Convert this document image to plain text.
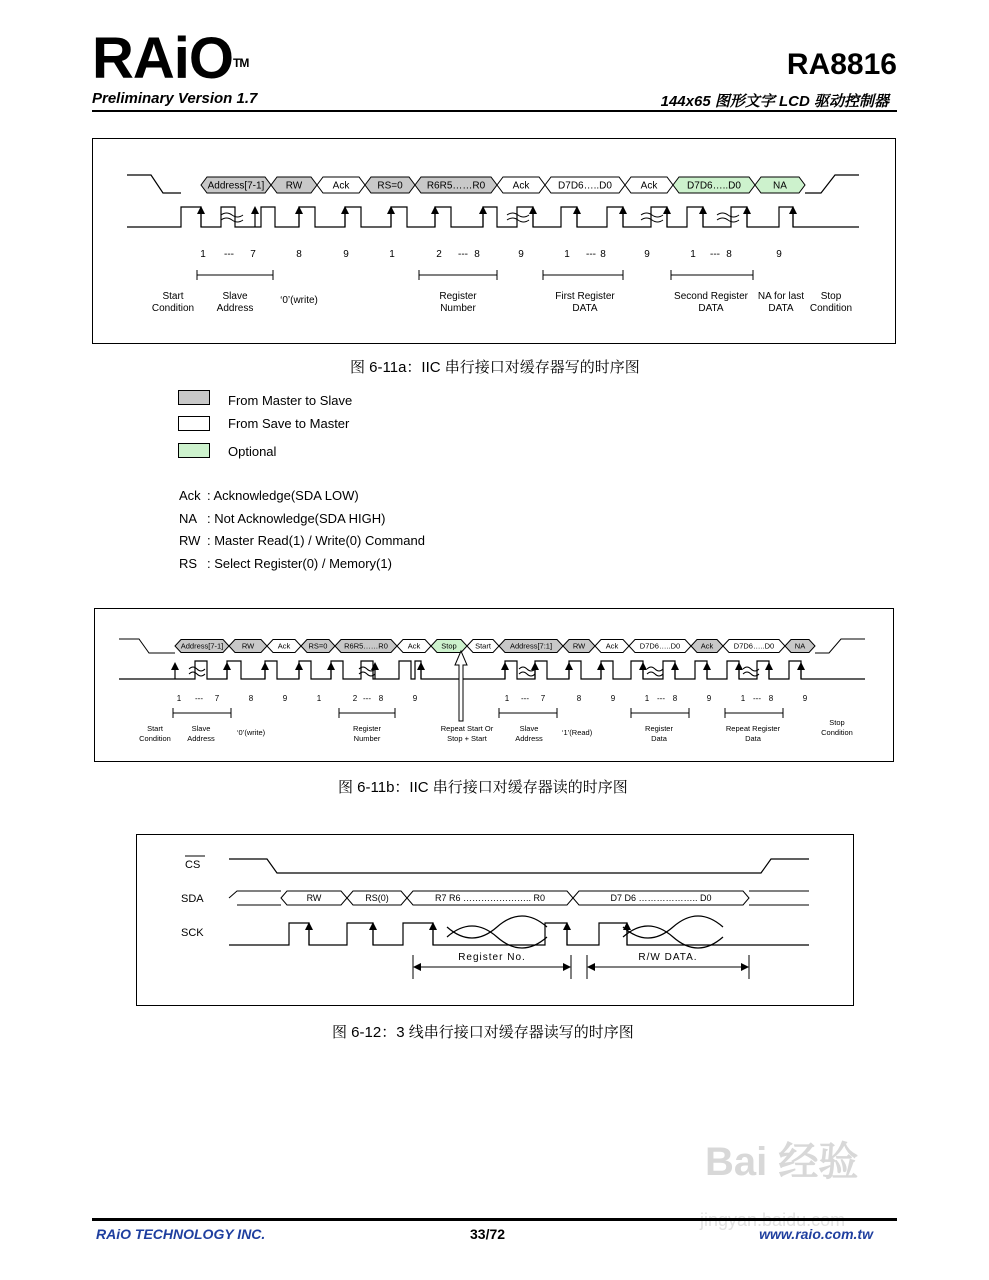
RAiO™	RA8816
Preliminary Version 1.7	144x65 图形文字 LCD 驱动控制器
Address[7-1] RW	Ack	RS=0 R6R5……R0	Ack	D7D6…..D0	Ack	D7D6…..D0	NA
1 --- 7	8	9	1	2 --- 8	9	1 --- 8	9	1 --- 8	9
Start
Condition
Slave
Address
‘0’(write)	Register
Number
First Register
DATA
Second Register
DATA
NA for last
DATA
Stop
Condition
图 6-11a：IIC 串行接口对缓存器写的时序图
From Master to Slave
From Save to Master
Optional
Ack : Acknowledge(SDA LOW)
NA : Not Acknowledge(SDA HIGH)
RW : Master Read(1) / Write(0) Command
RS : Select Register(0) / Memory(1)
Address[7-1] RW	Ack RS=0 R6R5……R0	Ack	Stop Start	Address[7:1]	RW	Ack	D7D6…..D0	Ack	D7D6…..D0	NA
1 --- 7	8	9	1	2 --- 8	9	1 --- 7	8	9	1 --- 8	9	1 --- 8	9
Start
Condition
Slave
Address
‘0’(write)	Register
Number
Repeat Start Or
Stop + Start
Slave
Address
‘1’(Read)	Register
Data
Repeat Register
Data
Stop
Condition
图 6-11b：IIC 串行接口对缓存器读的时序图
CS
SDA
SCK
RW	RS(0)	R7 R6 ………………….. R0	D7 D6 ……………….. D0
Register No.	R/W DATA.
图 6-12：3 线串行接口对缓存器读写的时序图
Bai 经验
RAiO TECHNOLOGY INC.	33/72	www.raio.com.tw
